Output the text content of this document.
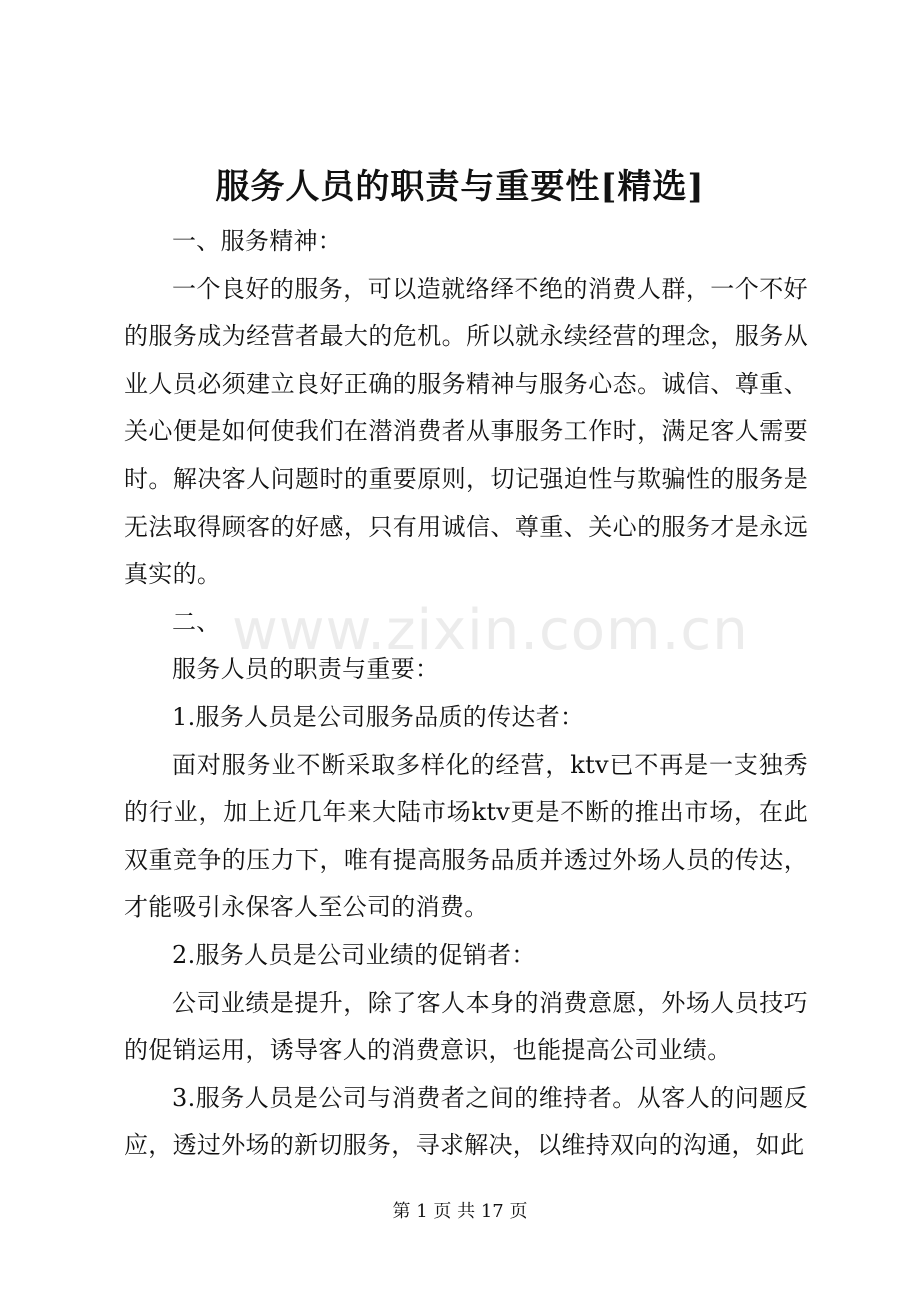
服务人员的职责与重要性[精选]

一、服务精神：

一个良好的服务，可以造就络绎不绝的消费人群，一个不好的服务成为经营者最大的危机。所以就永续经营的理念，服务从业人员必须建立良好正确的服务精神与服务心态。诚信、尊重、关心便是如何使我们在潜消费者从事服务工作时，满足客人需要时。解决客人问题时的重要原则，切记强迫性与欺骗性的服务是无法取得顾客的好感，只有用诚信、尊重、关心的服务才是永远真实的。

二、

服务人员的职责与重要：

1.服务人员是公司服务品质的传达者：

面对服务业不断采取多样化的经营，ktv已不再是一支独秀的行业，加上近几年来大陆市场ktv更是不断的推出市场，在此双重竞争的压力下，唯有提高服务品质并透过外场人员的传达，才能吸引永保客人至公司的消费。

2.服务人员是公司业绩的促销者：

公司业绩是提升，除了客人本身的消费意愿，外场人员技巧的促销运用，诱导客人的消费意识，也能提高公司业绩。

3.服务人员是公司与消费者之间的维持者。从客人的问题反应，透过外场的新切服务，寻求解决，以维持双向的沟通，如此

www.zixin.com.cn
第 1 页 共 17 页
